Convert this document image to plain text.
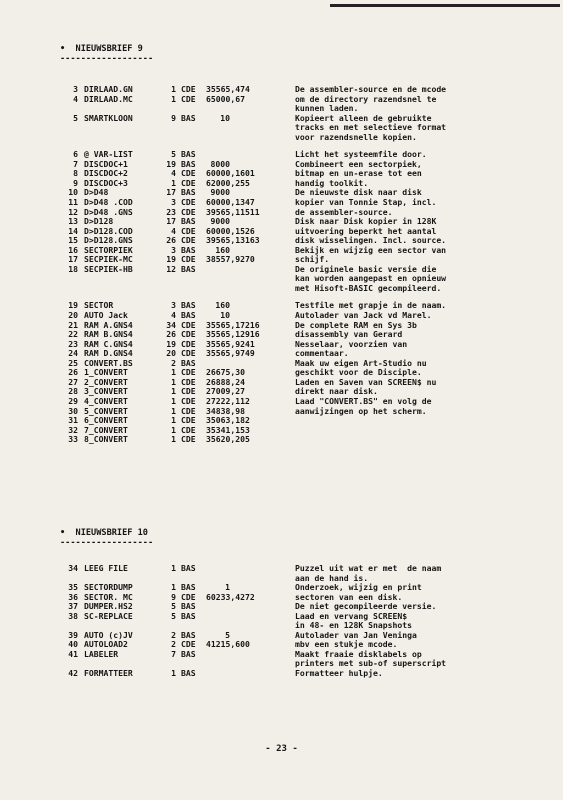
•  NIEUWSBRIEF 9
------------------
3 DIRLAAD.GN	1 CDE 35565,474	De assembler-source en de mcode
4 DIRLAAD.MC	1 CDE 65000,67	om de directory razendsnel te
kunnen laden.
5 SMARTKLOON	9 BAS	10	Kopieert alleen de gebruikte
tracks en met selectieve format
voor razendsnelle kopien.
6 @ VAR-LIST	5 BAS	Licht het systeemfile door.
7 DISCDOC+1	19 BAS	8000	Combineert een sectorpiek,
8 DISCDOC+2	4 CDE 60000,1601	bitmap en un-erase tot een
9 DISCDOC+3	1 CDE 62000,255	handig toolkit.
10 D>D48	17 BAS	9000	De nieuwste disk naar disk
11 D>D48 .COD	3 CDE 60000,1347	kopier van Tonnie Stap, incl.
12 D>D48 .GNS	23 CDE 39565,11511	de assembler-source.
13 D>D128	17 BAS	9000	Disk naar Disk kopier in 128K
14 D>D128.COD	4 CDE 60000,1526	uitvoering beperkt het aantal
15 D>D128.GNS	26 CDE 39565,13163	disk wisselingen. Incl. source.
16 SECTORPIEK	3 BAS	160	Bekijk en wijzig een sector van
17 SECPIEK-MC	19 CDE 38557,9270	schijf.
18 SECPIEK-HB	12 BAS	De originele basic versie die
kan worden aangepast en opnieuw
met Hisoft-BASIC gecompileerd.
19 SECTOR	3 BAS	160	Testfile met grapje in de naam.
20 AUTO Jack	4 BAS	10	Autolader van Jack vd Marel.
21 RAM A.GNS4	34 CDE 35565,17216	De complete RAM en Sys 3b
22 RAM B.GNS4	26 CDE 35565,12916	disassembly van Gerard
23 RAM C.GNS4	19 CDE 35565,9241	Nesselaar, voorzien van
24 RAM D.GNS4	20 CDE 35565,9749	commentaar.
25 CONVERT.BS	2 BAS	Maak uw eigen Art-Studio nu
26 1_CONVERT	1 CDE 26675,30	geschikt voor de Disciple.
27 2_CONVERT	1 CDE 26888,24	Laden en Saven van SCREEN$ nu
28 3_CONVERT	1 CDE 27009,27	direkt naar disk.
29 4_CONVERT	1 CDE 27222,112	Laad "CONVERT.BS" en volg de
30 5_CONVERT	1 CDE 34838,98	aanwijzingen op het scherm.
31 6_CONVERT	1 CDE 35063,182
32 7_CONVERT	1 CDE 35341,153
33 8_CONVERT	1 CDE 35620,205
•  NIEUWSBRIEF 10
------------------
34 LEEG FILE	1 BAS	Puzzel uit wat er met  de naam
aan de hand is.
35 SECTORDUMP	1 BAS	1	Onderzoek, wijzig en print
36 SECTOR. MC	9 CDE 60233,4272	sectoren van een disk.
37 DUMPER.HS2	5 BAS	De niet gecompileerde versie.
38 SC-REPLACE	5 BAS	Laad en vervang SCREEN$
in 48- en 128K Snapshots
39 AUTO (c)JV	2 BAS	5	Autolader van Jan Veninga
40 AUTOLOAD2	2 CDE 41215,600	mbv een stukje mcode.
41 LABELER	7 BAS	Maakt fraaie disklabels op
printers met sub-of superscript
42 FORMATTEER	1 BAS	Formatteer hulpje.
- 23 -
